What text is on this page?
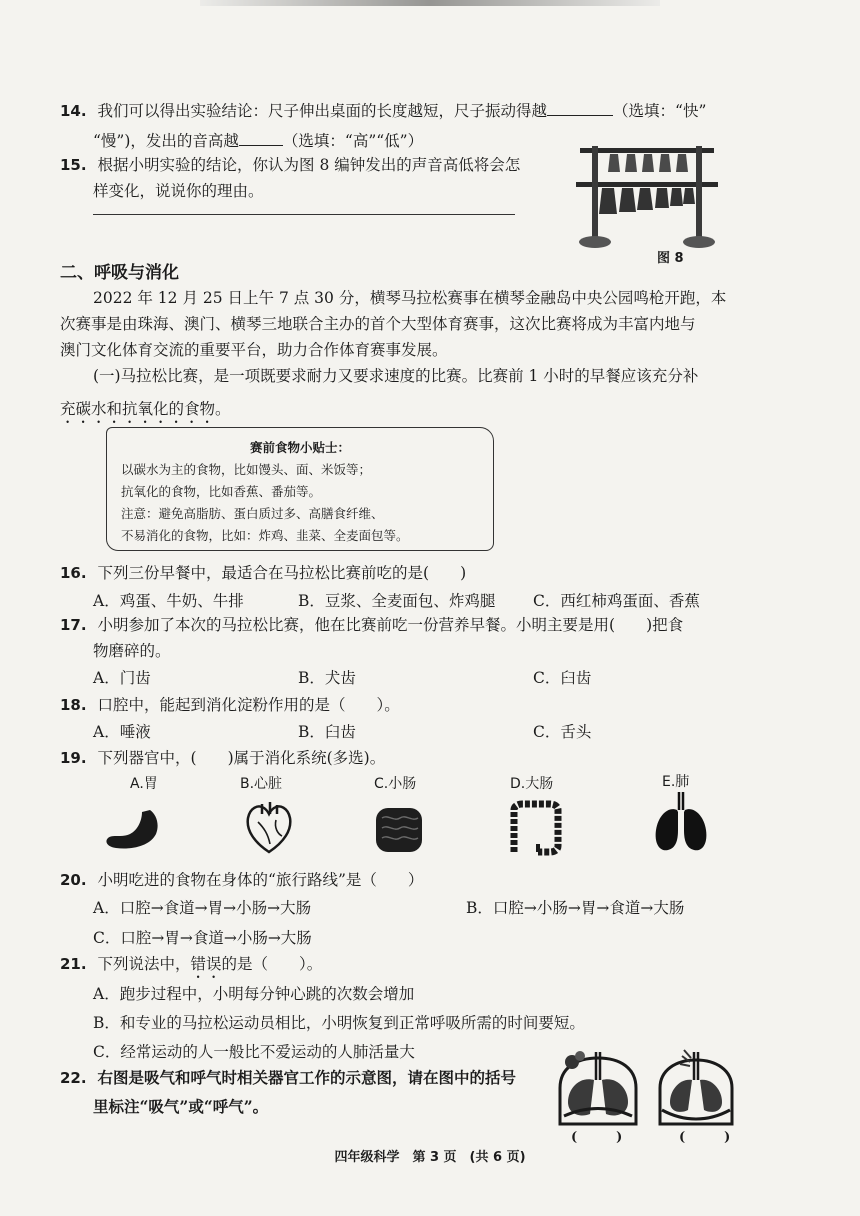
14. 我们可以得出实验结论：尺子伸出桌面的长度越短，尺子振动得越	（选填：“快”
“慢”)，发出的音高越	（选填：“高”“低”）
15. 根据小明实验的结论，你认为图 8 编钟发出的声音高低将会怎
样变化，说说你的理由。
图 8
二、呼吸与消化
2022 年 12 月 25 日上午 7 点 30 分，横琴马拉松赛事在横琴金融岛中央公园鸣枪开跑，本
次赛事是由珠海、澳门、横琴三地联合主办的首个大型体育赛事，这次比赛将成为丰富内地与
澳门文化体育交流的重要平台，助力合作体育赛事发展。
(一)马拉松比赛，是一项既要求耐力又要求速度的比赛。比赛前 1 小时的早餐应该充分补
充碳水和抗氧化的食物。
赛前食物小贴士：
以碳水为主的食物，比如馒头、面、米饭等；
抗氧化的食物，比如香蕉、番茄等。
注意：避免高脂肪、蛋白质过多、高膳食纤维、
不易消化的食物，比如：炸鸡、韭菜、全麦面包等。
16. 下列三份早餐中，最适合在马拉松比赛前吃的是(　　)
A．鸡蛋、牛奶、牛排	B．豆浆、全麦面包、炸鸡腿 C．西红柿鸡蛋面、香蕉
17. 小明参加了本次的马拉松比赛，他在比赛前吃一份营养早餐。小明主要是用(　　)把食
物磨碎的。
A．门齿	B．犬齿	C．臼齿
18. 口腔中，能起到消化淀粉作用的是（　　）。
A．唾液	B．臼齿	C．舌头
19. 下列器官中，(　　)属于消化系统(多选)。
A.胃	B.心脏	C.小肠	D.大肠	E.肺
20. 小明吃进的食物在身体的“旅行路线”是（　　）
A．口腔→食道→胃→小肠→大肠	B．口腔→小肠→胃→食道→大肠
C．口腔→胃→食道→小肠→大肠
21. 下列说法中，错误的是（　　）。
A．跑步过程中，小明每分钟心跳的次数会增加
B．和专业的马拉松运动员相比，小明恢复到正常呼吸所需的时间要短。
C．经常运动的人一般比不爱运动的人肺活量大
22. 右图是吸气和呼气时相关器官工作的示意图，请在图中的括号
里标注“吸气”或“呼气”。
(　　　)	(　　　)
四年级科学　第 3 页　(共 6 页)
